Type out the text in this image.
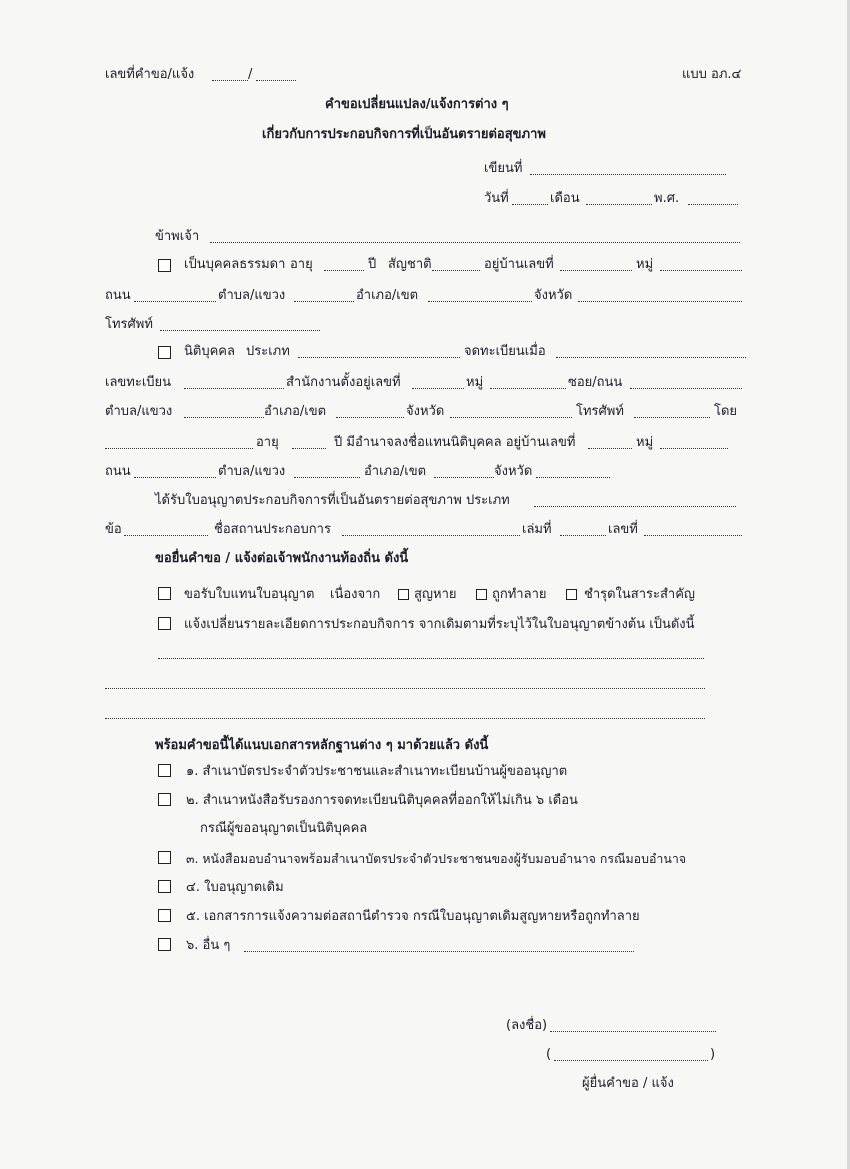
เลขที่คำขอ/แจ้ง	/	แบบ อภ.๔
คำขอเปลี่ยนแปลง/แจ้งการต่าง ๆ
เกี่ยวกับการประกอบกิจการที่เป็นอันตรายต่อสุขภาพ
เขียนที่
วันที่	เดือน	พ.ศ.
ข้าพเจ้า
เป็นบุคคลธรรมดา อายุ	ปี สัญชาติ	อยู่บ้านเลขที่	หมู่
ถนน	ตำบล/แขวง	อำเภอ/เขต	จังหวัด
โทรศัพท์
นิติบุคคล ประเภท	จดทะเบียนเมื่อ
เลขทะเบียน	สำนักงานตั้งอยู่เลขที่	หมู่	ซอย/ถนน
ตำบล/แขวง	อำเภอ/เขต	จังหวัด	โทรศัพท์	โดย
อายุ	ปี มีอำนาจลงชื่อแทนนิติบุคคล อยู่บ้านเลขที่	หมู่
ถนน	ตำบล/แขวง	อำเภอ/เขต	จังหวัด
ได้รับใบอนุญาตประกอบกิจการที่เป็นอันตรายต่อสุขภาพ ประเภท
ข้อ	ชื่อสถานประกอบการ	เล่มที่	เลขที่
ขอยื่นคำขอ / แจ้งต่อเจ้าพนักงานท้องถิ่น ดังนี้
ขอรับใบแทนใบอนุญาต เนื่องจาก	สูญหาย	ถูกทำลาย	ชำรุดในสาระสำคัญ
แจ้งเปลี่ยนรายละเอียดการประกอบกิจการ จากเดิมตามที่ระบุไว้ในใบอนุญาตข้างต้น เป็นดังนี้
พร้อมคำขอนี้ได้แนบเอกสารหลักฐานต่าง ๆ มาด้วยแล้ว ดังนี้
๑. สำเนาบัตรประจำตัวประชาชนและสำเนาทะเบียนบ้านผู้ขออนุญาต
๒. สำเนาหนังสือรับรองการจดทะเบียนนิติบุคคลที่ออกให้ไม่เกิน ๖ เดือน
กรณีผู้ขออนุญาตเป็นนิติบุคคล
๓. หนังสือมอบอำนาจพร้อมสำเนาบัตรประจำตัวประชาชนของผู้รับมอบอำนาจ กรณีมอบอำนาจ
๔. ใบอนุญาตเดิม
๕. เอกสารการแจ้งความต่อสถานีตำรวจ กรณีใบอนุญาตเดิมสูญหายหรือถูกทำลาย
๖. อื่น ๆ
(ลงชื่อ)
(	)
ผู้ยื่นคำขอ / แจ้ง
